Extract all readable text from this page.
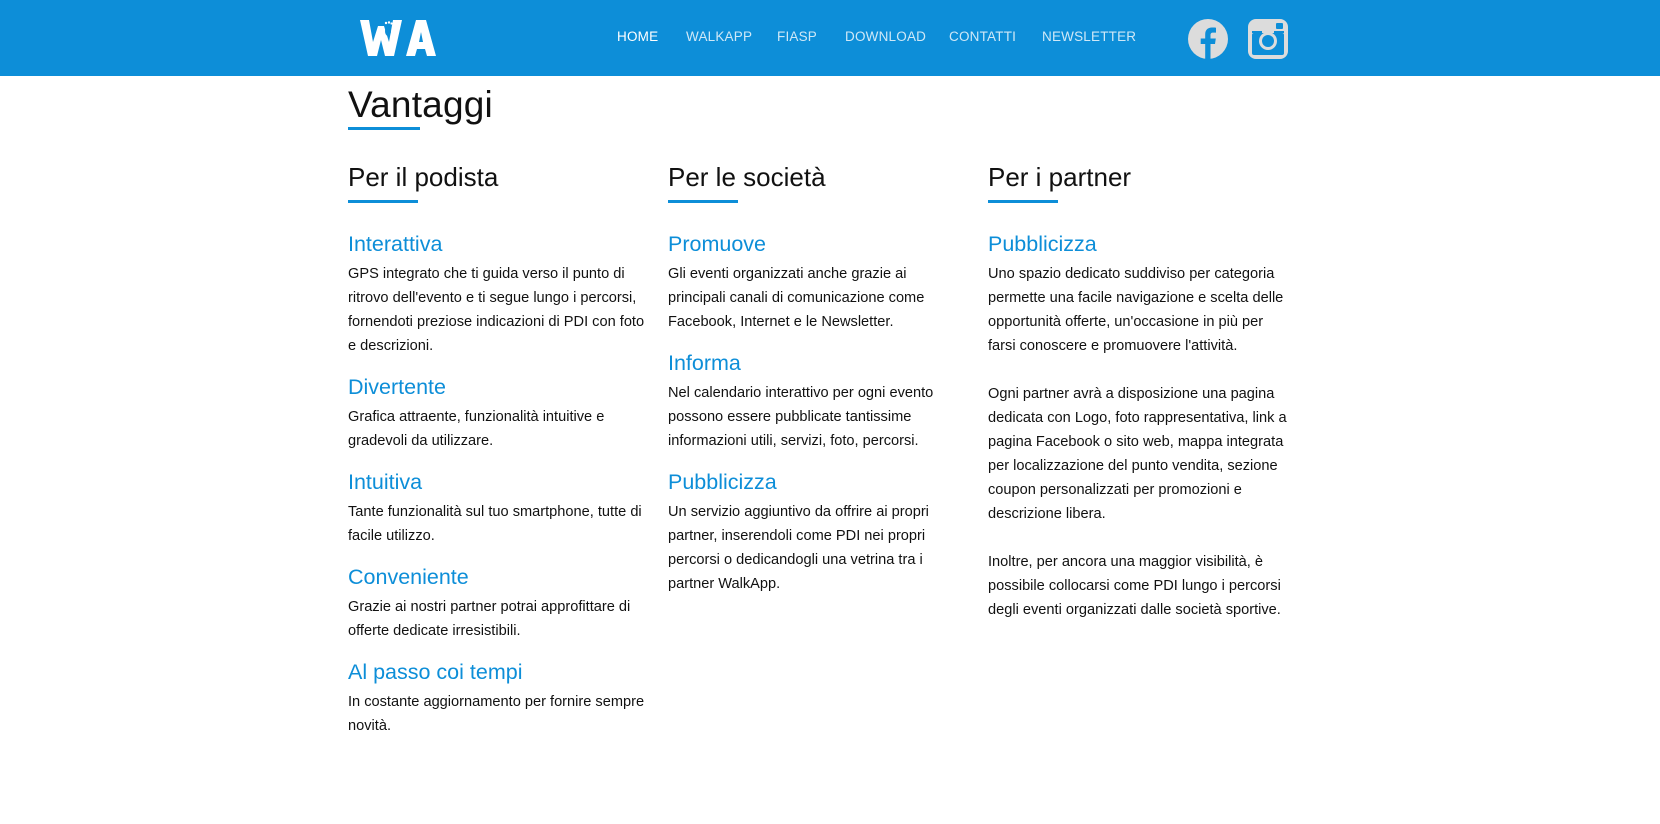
HOME WALKAPP FIASP DOWNLOAD CONTATTI NEWSLETTER
Vantaggi
Per il podista
Interattiva

GPS integrato che ti guida verso il punto di ritrovo dell'evento e ti segue lungo i percorsi, fornendoti preziose indicazioni di PDI con foto e descrizioni.

Divertente

Grafica attraente, funzionalità intuitive e gradevoli da utilizzare.

Intuitiva

Tante funzionalità sul tuo smartphone, tutte di facile utilizzo.

Conveniente

Grazie ai nostri partner potrai approfittare di offerte dedicate irresistibili.

Al passo coi tempi

In costante aggiornamento per fornire sempre novità.

Per le società
Promuove

Gli eventi organizzati anche grazie ai principali canali di comunicazione come Facebook, Internet e le Newsletter.

Informa

Nel calendario interattivo per ogni evento possono essere pubblicate tantissime informazioni utili, servizi, foto, percorsi.

Pubblicizza

Un servizio aggiuntivo da offrire ai propri partner, inserendoli come PDI nei propri percorsi o dedicandogli una vetrina tra i partner WalkApp.

Per i partner
Pubblicizza

Uno spazio dedicato suddiviso per categoria permette una facile navigazione e scelta delle opportunità offerte, un'occasione in più per farsi conoscere e promuovere l'attività.

Ogni partner avrà a disposizione una pagina dedicata con Logo, foto rappresentativa, link a pagina Facebook o sito web, mappa integrata per localizzazione del punto vendita, sezione coupon personalizzati per promozioni e descrizione libera.

Inoltre, per ancora una maggior visibilità, è possibile collocarsi come PDI lungo i percorsi degli eventi organizzati dalle società sportive.
